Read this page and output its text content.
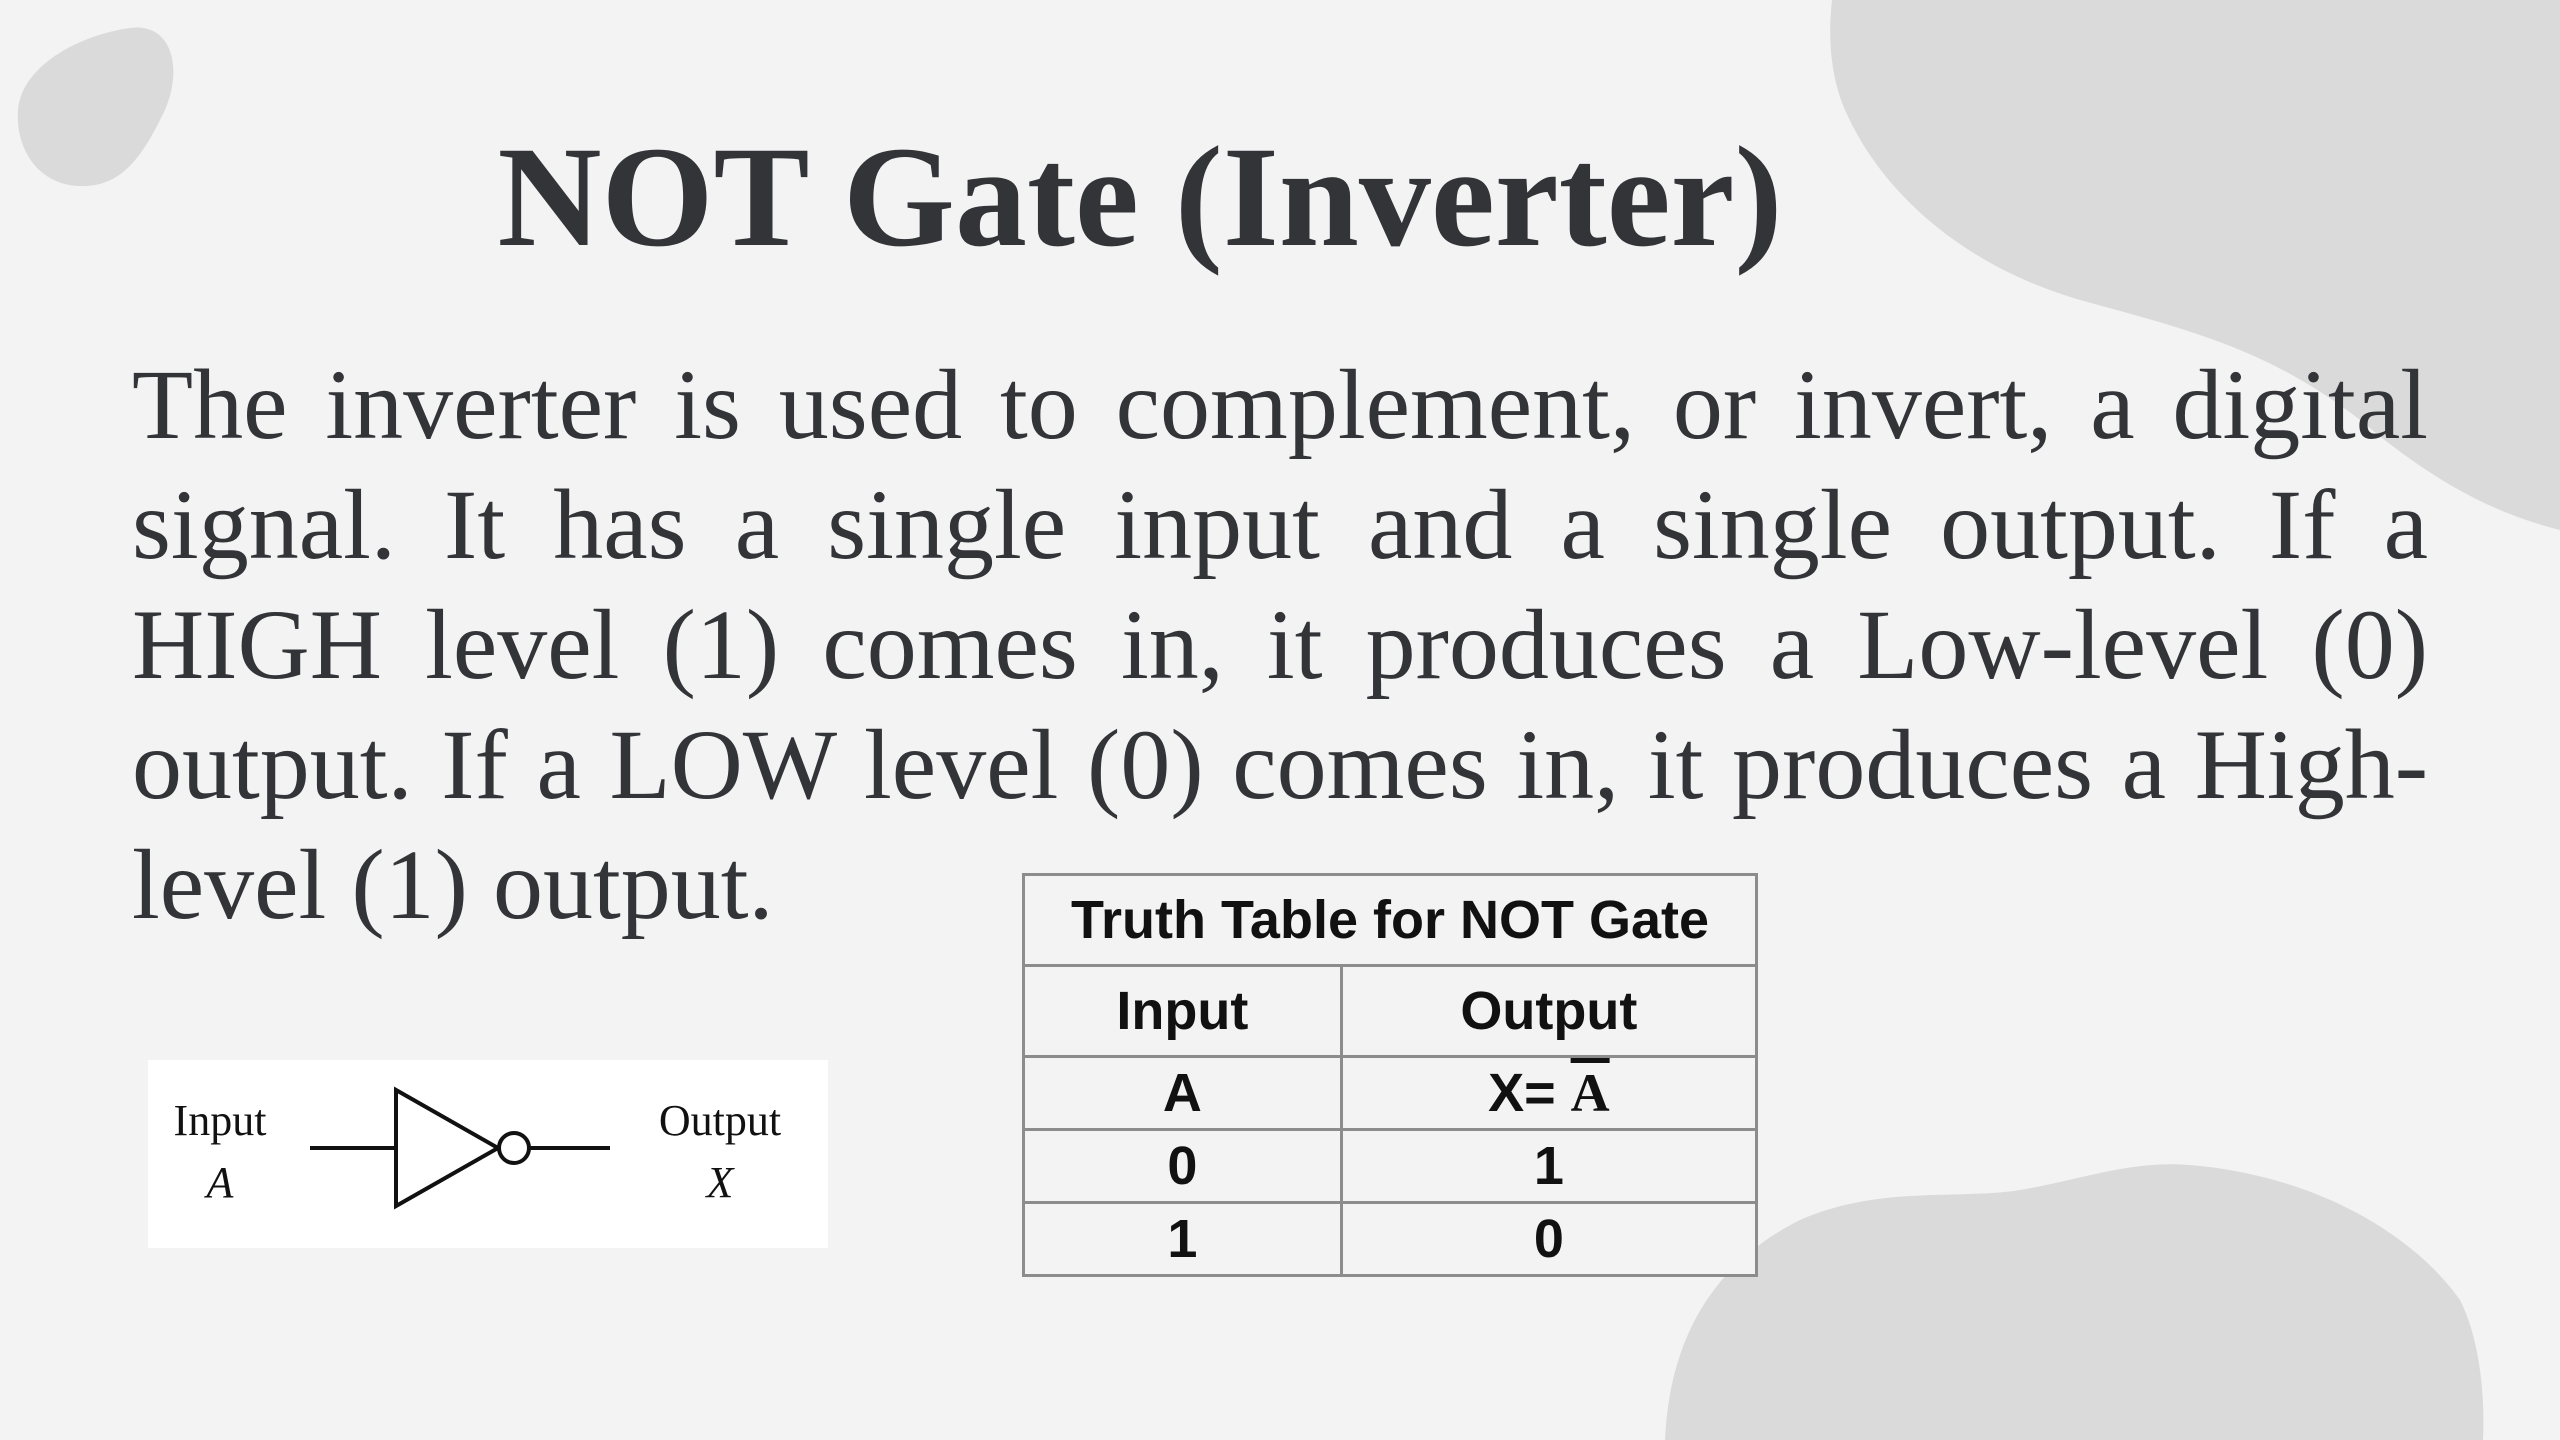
NOT Gate (Inverter)

The inverter is used to complement, or invert, a digital signal. It has a single input and a single output. If a HIGH level (1) comes in, it produces a Low-level (0) output. If a LOW level (0) comes in, it produces a High-level (1) output.

Input
A
Output
X
Truth Table for NOT Gate	
Input	Output
A	$X= \overline{A}$
0	1
1	0
